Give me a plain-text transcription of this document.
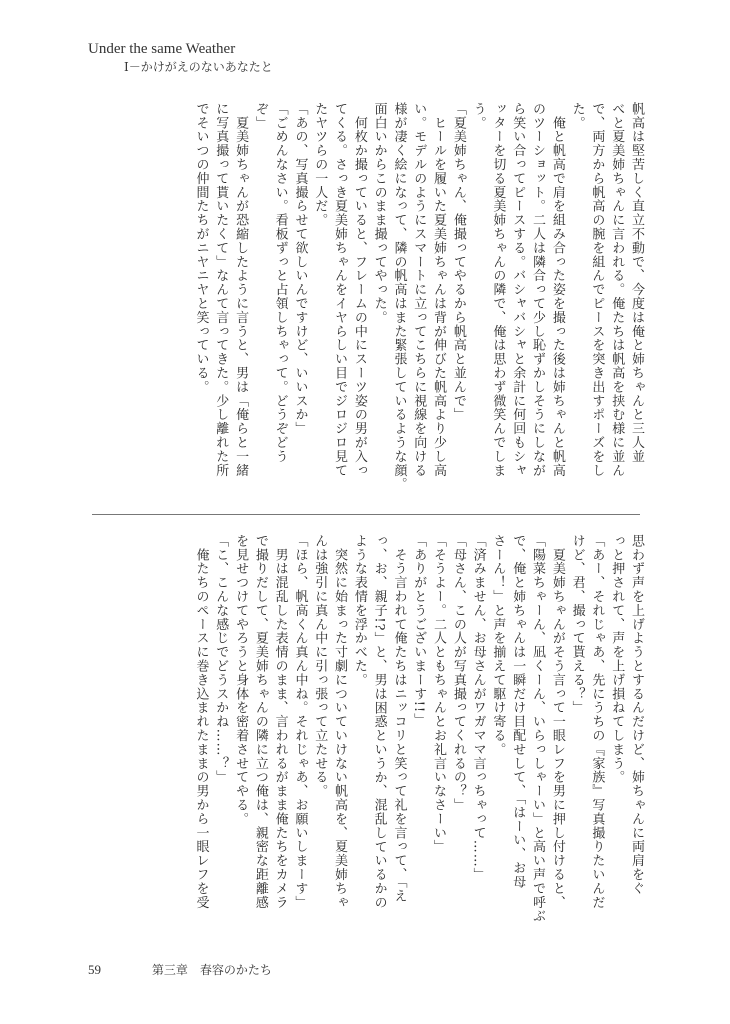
Under the same Weather
Ⅰ－かけがえのないあなたと

帆高は堅苦しく直立不動で、今度は俺と姉ちゃんと三人並

べと夏美姉ちゃんに言われる。俺たちは帆高を挟む様に並ん

で、両方から帆高の腕を組んでピースを突き出すポーズをし

た。

　俺と帆高で肩を組み合った姿を撮った後は姉ちゃんと帆高

のツーショット。二人は隣合って少し恥ずかしそうにしなが

ら笑い合ってピースする。バシャバシャと余計に何回もシャ

ッターを切る夏美姉ちゃんの隣で、俺は思わず微笑んでしま

う。

「夏美姉ちゃん、俺撮ってやるから帆高と並んで」

　ヒールを履いた夏美姉ちゃんは背が伸びた帆高より少し高

い。モデルのようにスマートに立ってこちらに視線を向ける

様が凄く絵になって、隣の帆高はまた緊張しているような顔。

面白いからこのまま撮ってやった。

　何枚か撮っていると、フレームの中にスーツ姿の男が入っ

てくる。さっき夏美姉ちゃんをイヤらしい目でジロジロ見て

たヤツらの一人だ。

「あの、写真撮らせて欲しいんですけど、いいスか」

「ごめんなさい。看板ずっと占領しちゃって。どうぞどう

ぞ」

　夏美姉ちゃんが恐縮したように言うと、男は「俺らと一緒

に写真撮って貰いたくて」なんて言ってきた。少し離れた所

でそいつの仲間たちがニヤニヤと笑っている。

思わず声を上げようとするんだけど、姉ちゃんに両肩をぐ

っと押されて、声を上げ損ねてしまう。

「あー、それじゃあ、先にうちの『家族』写真撮りたいんだ

けど、君、撮って貰える？」

　夏美姉ちゃんがそう言って一眼レフを男に押し付けると、

「陽菜ちゃーん、凪くーん、いらっしゃーい」と高い声で呼ぶ

で、俺と姉ちゃんは一瞬だけ目配せして、「はーい、お母

さーん！」と声を揃えて駆け寄る。

「済みません、お母さんがワガママ言っちゃって……」

「母さん、この人が写真撮ってくれるの？」

「そうよー。二人ともちゃんとお礼言いなさーい」

「ありがとうございまーす!!」

　そう言われて俺たちはニッコリと笑って礼を言って、「え

っ、お、親子!?」と、男は困惑というか、混乱しているかの

ような表情を浮かべた。

　突然に始まった寸劇についていけない帆高を、夏美姉ちゃ

んは強引に真ん中に引っ張って立たせる。

「ほら、帆高くん真ん中ね。それじゃあ、お願いしまーす」

　男は混乱した表情のまま、言われるがまま俺たちをカメラ

で撮りだして、夏美姉ちゃんの隣に立つ俺は、親密な距離感

を見せつけてやろうと身体を密着させてやる。

「こ、こんな感じでどうスかね……？」

　俺たちのペースに巻き込まれたままの男から一眼レフを受

59	第三章　春容のかたち
